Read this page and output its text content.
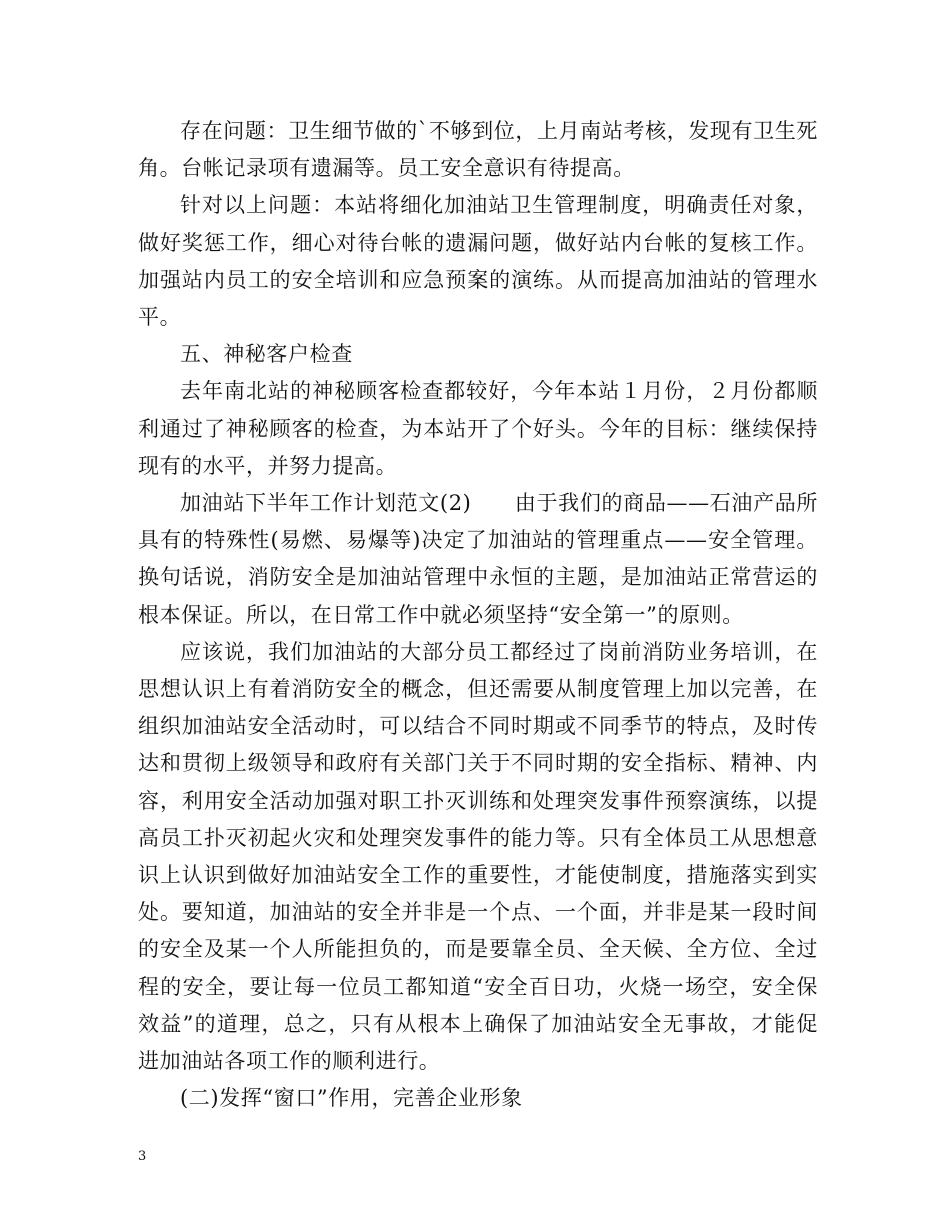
存在问题：卫生细节做的`不够到位，上月南站考核，发现有卫生死角。台帐记录项有遗漏等。员工安全意识有待提高。

针对以上问题：本站将细化加油站卫生管理制度，明确责任对象，做好奖惩工作，细心对待台帐的遗漏问题，做好站内台帐的复核工作。加强站内员工的安全培训和应急预案的演练。从而提高加油站的管理水平。

五、神秘客户检查

去年南北站的神秘顾客检查都较好，今年本站１月份，２月份都顺利通过了神秘顾客的检查，为本站开了个好头。今年的目标：继续保持现有的水平，并努力提高。

加油站下半年工作计划范文(2)　　由于我们的商品——石油产品所具有的特殊性(易燃、易爆等)决定了加油站的管理重点——安全管理。换句话说，消防安全是加油站管理中永恒的主题，是加油站正常营运的根本保证。所以，在日常工作中就必须坚持“安全第一”的原则。

应该说，我们加油站的大部分员工都经过了岗前消防业务培训，在思想认识上有着消防安全的概念，但还需要从制度管理上加以完善，在组织加油站安全活动时，可以结合不同时期或不同季节的特点，及时传达和贯彻上级领导和政府有关部门关于不同时期的安全指标、精神、内容，利用安全活动加强对职工扑灭训练和处理突发事件预察演练，以提高员工扑灭初起火灾和处理突发事件的能力等。只有全体员工从思想意识上认识到做好加油站安全工作的重要性，才能使制度，措施落实到实处。要知道，加油站的安全并非是一个点、一个面，并非是某一段时间的安全及某一个人所能担负的，而是要靠全员、全天候、全方位、全过程的安全，要让每一位员工都知道“安全百日功，火烧一场空，安全保效益”的道理，总之，只有从根本上确保了加油站安全无事故，才能促进加油站各项工作的顺利进行。

(二)发挥“窗口”作用，完善企业形象

3
